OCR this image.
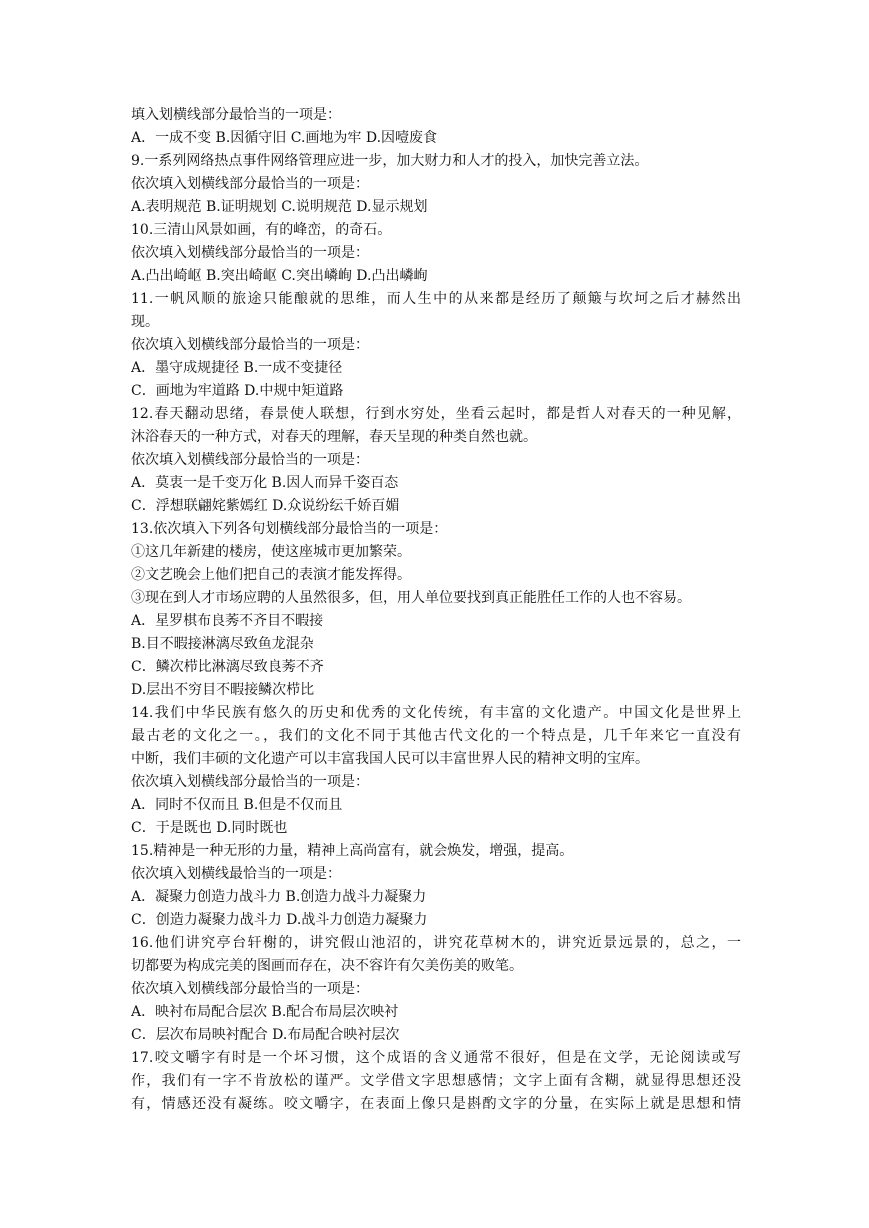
填入划横线部分最恰当的一项是：
A．一成不变 B.因循守旧 C.画地为牢 D.因噎废食
9.一系列网络热点事件网络管理应进一步，加大财力和人才的投入，加快完善立法。
依次填入划横线部分最恰当的一项是：
A.表明规范 B.证明规划 C.说明规范 D.显示规划
10.三清山风景如画，有的峰峦，的奇石。
依次填入划横线部分最恰当的一项是：
A.凸出崎岖 B.突出崎岖 C.突出嶙峋 D.凸出嶙峋
11.一帆风顺的旅途只能酿就的思维，而人生中的从来都是经历了颠簸与坎坷之后才赫然出
现。
依次填入划横线部分最恰当的一项是：
A．墨守成规捷径 B.一成不变捷径
C．画地为牢道路 D.中规中矩道路
12.春天翻动思绪，春景使人联想，行到水穷处，坐看云起时，都是哲人对春天的一种见解，
沐浴春天的一种方式，对春天的理解，春天呈现的种类自然也就。
依次填入划横线部分最恰当的一项是：
A．莫衷一是千变万化 B.因人而异千姿百态
C．浮想联翩姹紫嫣红 D.众说纷纭千娇百媚
13.依次填入下列各句划横线部分最恰当的一项是：
①这几年新建的楼房，使这座城市更加繁荣。
②文艺晚会上他们把自己的表演才能发挥得。
③现在到人才市场应聘的人虽然很多，但，用人单位要找到真正能胜任工作的人也不容易。
A．星罗棋布良莠不齐目不暇接
B.目不暇接淋漓尽致鱼龙混杂
C．鳞次栉比淋漓尽致良莠不齐
D.层出不穷目不暇接鳞次栉比
14.我们中华民族有悠久的历史和优秀的文化传统，有丰富的文化遗产。中国文化是世界上
最古老的文化之一。，我们的文化不同于其他古代文化的一个特点是，几千年来它一直没有
中断，我们丰硕的文化遗产可以丰富我国人民可以丰富世界人民的精神文明的宝库。
依次填入划横线部分最恰当的一项是：
A．同时不仅而且 B.但是不仅而且
C．于是既也 D.同时既也
15.精神是一种无形的力量，精神上高尚富有，就会焕发，增强，提高。
依次填入划横线最恰当的一项是：
A．凝聚力创造力战斗力 B.创造力战斗力凝聚力
C．创造力凝聚力战斗力 D.战斗力创造力凝聚力
16.他们讲究亭台轩榭的，讲究假山池沼的，讲究花草树木的，讲究近景远景的，总之，一
切都要为构成完美的图画而存在，决不容许有欠美伤美的败笔。
依次填入划横线部分最恰当的一项是：
A．映衬布局配合层次 B.配合布局层次映衬
C．层次布局映衬配合 D.布局配合映衬层次
17.咬文嚼字有时是一个坏习惯，这个成语的含义通常不很好，但是在文学，无论阅读或写
作，我们有一字不肯放松的谨严。文学借文字思想感情；文字上面有含糊，就显得思想还没
有，情感还没有凝练。咬文嚼字，在表面上像只是斟酌文字的分量，在实际上就是思想和情
